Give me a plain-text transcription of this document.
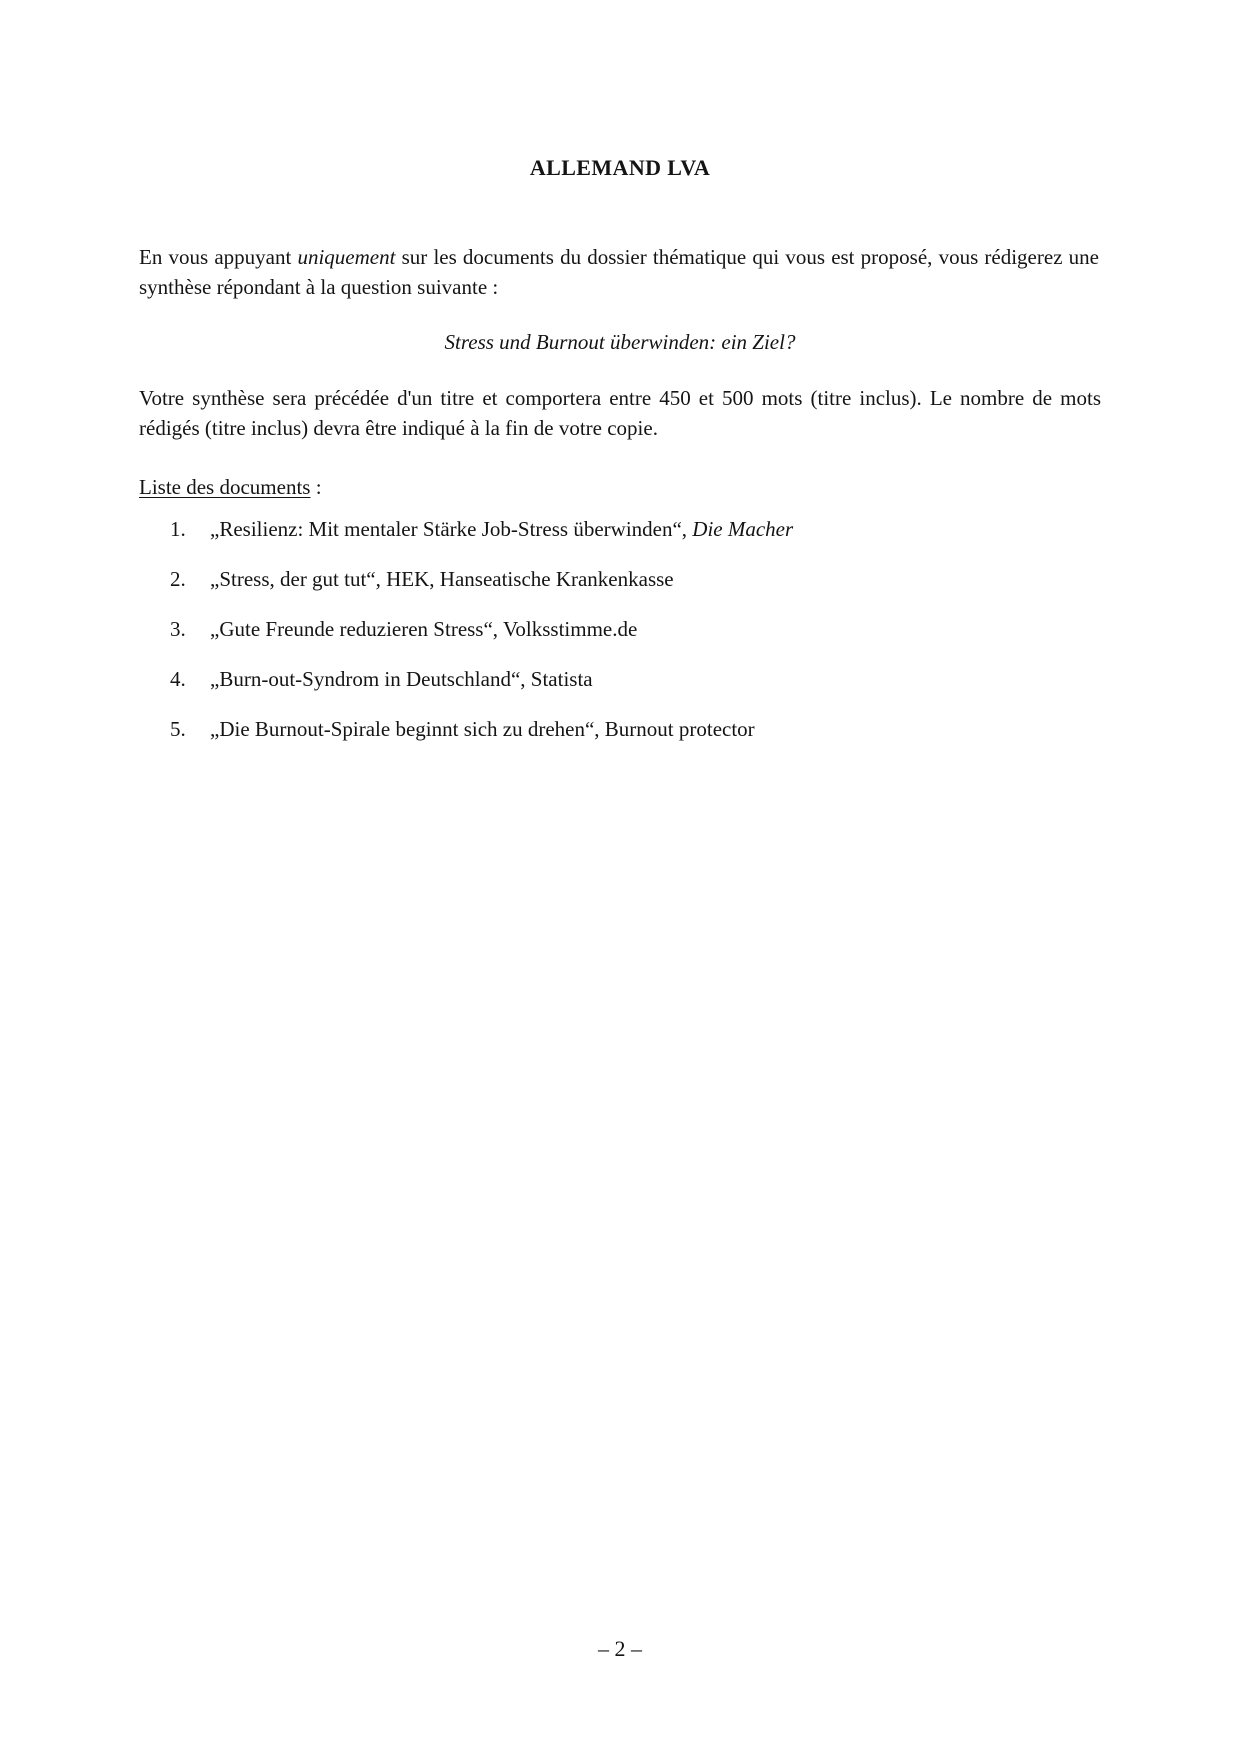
ALLEMAND LVA

En vous appuyant uniquement sur les documents du dossier thématique qui vous est proposé, vous rédigerez une synthèse répondant à la question suivante :

Stress und Burnout überwinden: ein Ziel?

Votre synthèse sera précédée d'un titre et comportera entre 450 et 500 mots (titre inclus). Le nombre de mots rédigés (titre inclus) devra être indiqué à la fin de votre copie.

Liste des documents :

1. „Resilienz: Mit mentaler Stärke Job-Stress überwinden“, Die Macher
2. „Stress, der gut tut“, HEK, Hanseatische Krankenkasse
3. „Gute Freunde reduzieren Stress“, Volksstimme.de
4. „Burn-out-Syndrom in Deutschland“, Statista
5. „Die Burnout-Spirale beginnt sich zu drehen“, Burnout protector

– 2 –
